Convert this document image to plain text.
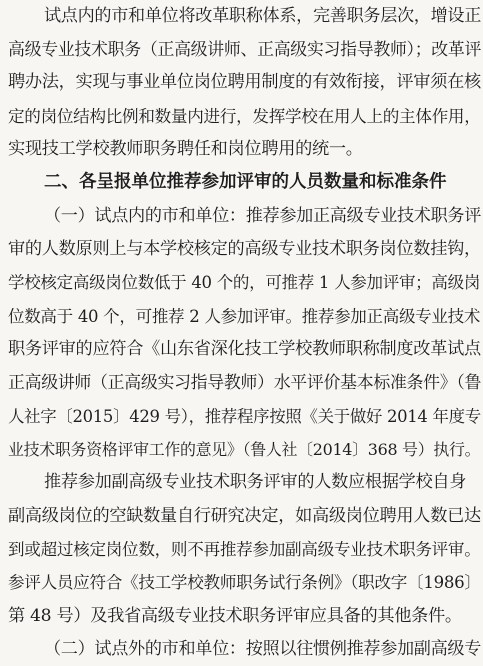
试点内的市和单位将改革职称体系，完善职务层次，增设正
高级专业技术职务（正高级讲师、正高级实习指导教师）；改革评
聘办法，实现与事业单位岗位聘用制度的有效衔接，评审须在核
定的岗位结构比例和数量内进行，发挥学校在用人上的主体作用，
实现技工学校教师职务聘任和岗位聘用的统一。
二、各呈报单位推荐参加评审的人员数量和标准条件
（一）试点内的市和单位：推荐参加正高级专业技术职务评
审的人数原则上与本学校核定的高级专业技术职务岗位数挂钩，
学校核定高级岗位数低于 40 个的，可推荐 1 人参加评审；高级岗
位数高于 40 个，可推荐 2 人参加评审。推荐参加正高级专业技术
职务评审的应符合《山东省深化技工学校教师职称制度改革试点
正高级讲师（正高级实习指导教师）水平评价基本标准条件》（鲁
人社字〔2015〕429 号），推荐程序按照《关于做好 2014 年度专
业技术职务资格评审工作的意见》（鲁人社〔2014〕368 号）执行。
推荐参加副高级专业技术职务评审的人数应根据学校自身
副高级岗位的空缺数量自行研究决定，如高级岗位聘用人数已达
到或超过核定岗位数，则不再推荐参加副高级专业技术职务评审。
参评人员应符合《技工学校教师职务试行条例》（职改字〔1986〕
第 48 号）及我省高级专业技术职务评审应具备的其他条件。
（二）试点外的市和单位：按照以往惯例推荐参加副高级专
